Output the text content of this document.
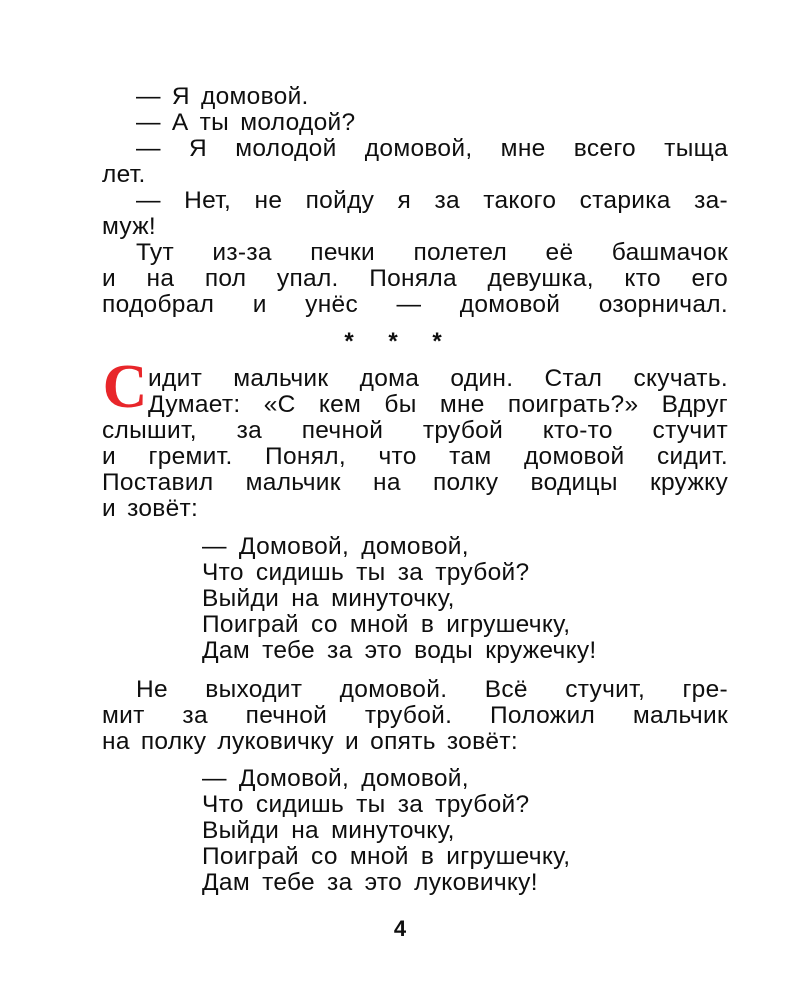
— Я домовой.
— А ты молодой?
— Я молодой домовой, мне всего тыща
лет.
— Нет, не пойду я за такого старика за-
муж!
Тут из-за печки полетел её башмачок
и на пол упал. Поняла девушка, кто его
подобрал и унёс — домовой озорничал.
* * *
С идит мальчик дома один. Стал скучать.
Думает: «С кем бы мне поиграть?» Вдруг
слышит, за печной трубой кто-то стучит
и гремит. Понял, что там домовой сидит.
Поставил мальчик на полку водицы кружку
и зовёт:
— Домовой, домовой,
Что сидишь ты за трубой?
Выйди на минуточку,
Поиграй со мной в игрушечку,
Дам тебе за это воды кружечку!
Не выходит домовой. Всё стучит, гре-
мит за печной трубой. Положил мальчик
на полку луковичку и опять зовёт:
— Домовой, домовой,
Что сидишь ты за трубой?
Выйди на минуточку,
Поиграй со мной в игрушечку,
Дам тебе за это луковичку!
4
